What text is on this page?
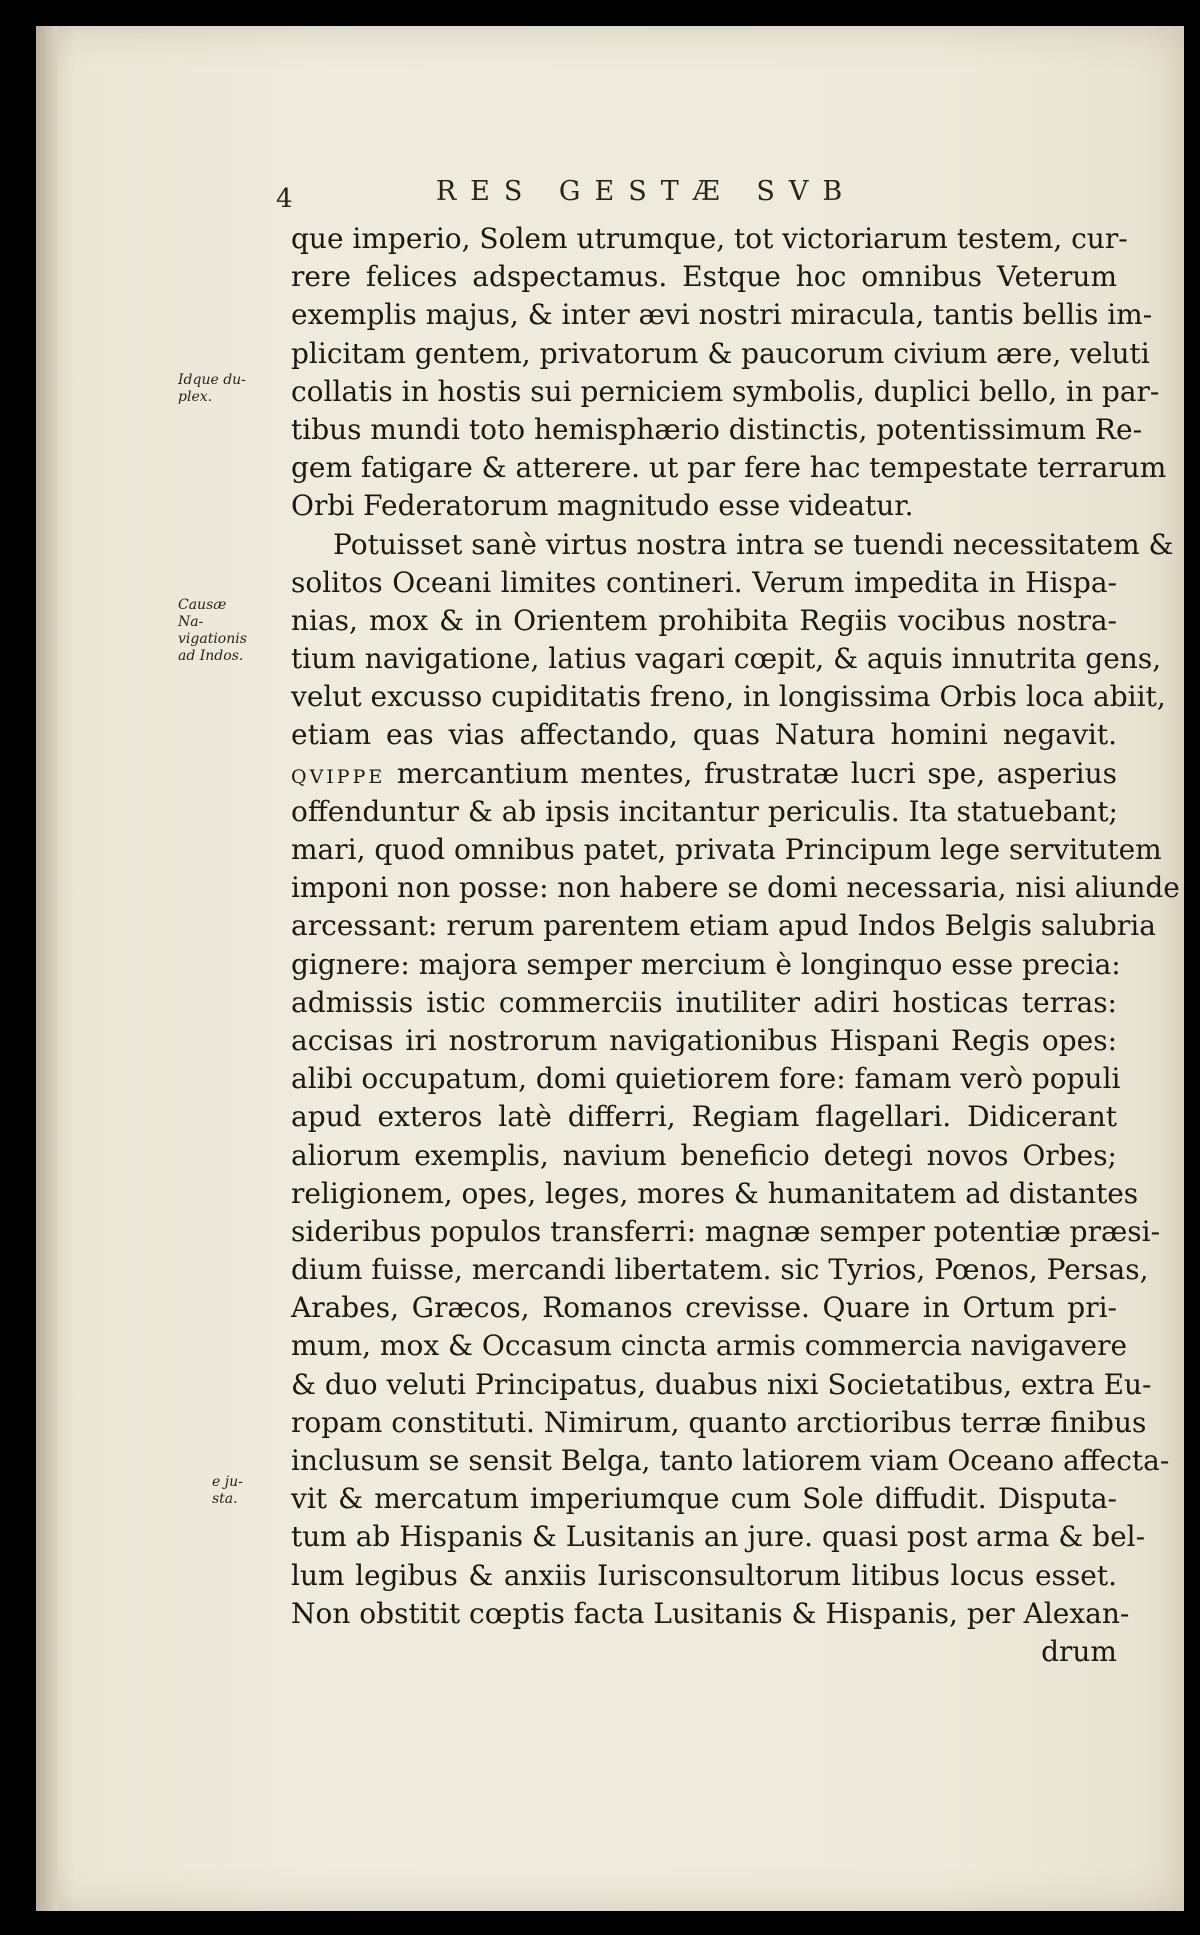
4	RES GESTÆ SVB
Idque du- plex.
Causæ Na- vigationis ad Indos.
e ju- sta.
que imperio, Solem utrumque, tot victoriarum testem, cur-
rere felices adspectamus. Estque hoc omnibus Veterum
exemplis majus, & inter ævi nostri miracula, tantis bellis im-
plicitam gentem, privatorum & paucorum civium ære, veluti
collatis in hostis sui perniciem symbolis, duplici bello, in par-
tibus mundi toto hemisphærio distinctis, potentissimum Re-
gem fatigare & atterere. ut par fere hac tempestate terrarum
Orbi Federatorum magnitudo esse videatur.
Potuisset sanè virtus nostra intra se tuendi necessitatem &
solitos Oceani limites contineri. Verum impedita in Hispa-
nias, mox & in Orientem prohibita Regiis vocibus nostra-
tium navigatione, latius vagari cœpit, & aquis innutrita gens,
velut excusso cupiditatis freno, in longissima Orbis loca abiit,
etiam eas vias affectando, quas Natura homini negavit.
QVIPPE mercantium mentes, frustratæ lucri spe, asperius
offenduntur & ab ipsis incitantur periculis. Ita statuebant;
mari, quod omnibus patet, privata Principum lege servitutem
imponi non posse: non habere se domi necessaria, nisi aliunde
arcessant: rerum parentem etiam apud Indos Belgis salubria
gignere: majora semper mercium è longinquo esse precia:
admissis istic commerciis inutiliter adiri hosticas terras:
accisas iri nostrorum navigationibus Hispani Regis opes:
alibi occupatum, domi quietiorem fore: famam verò populi
apud exteros latè differri, Regiam flagellari. Didicerant
aliorum exemplis, navium beneficio detegi novos Orbes;
religionem, opes, leges, mores & humanitatem ad distantes
sideribus populos transferri: magnæ semper potentiæ præsi-
dium fuisse, mercandi libertatem. sic Tyrios, Pœnos, Persas,
Arabes, Græcos, Romanos crevisse. Quare in Ortum pri-
mum, mox & Occasum cincta armis commercia navigavere
& duo veluti Principatus, duabus nixi Societatibus, extra Eu-
ropam constituti. Nimirum, quanto arctioribus terræ finibus
inclusum se sensit Belga, tanto latiorem viam Oceano affecta-
vit & mercatum imperiumque cum Sole diffudit. Disputa-
tum ab Hispanis & Lusitanis an jure. quasi post arma & bel-
lum legibus & anxiis Iurisconsultorum litibus locus esset.
Non obstitit cœptis facta Lusitanis & Hispanis, per Alexan-
drum
